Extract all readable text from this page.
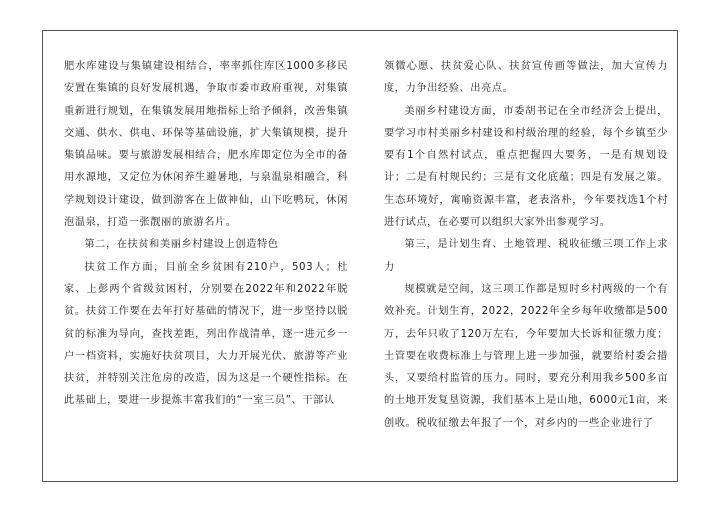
肥水库建设与集镇建设相结合，率率抓住库区1000多移民安置在集镇的良好发展机遇，争取市委市政府重视，对集镇重新进行规划，在集镇发展用地指标上给予倾斜，改善集镇交通、供水、供电、环保等基础设施，扩大集镇规模，提升集镇品味。要与旅游发展相结合，肥水库即定位为全市的备用水源地，又定位为休闲养生避暑地，与泉温泉相融合，科学规划设计建设，做到游客在上做神仙，山下吃鸭玩，休闲泡温泉，打造一张靓丽的旅游名片。

第二，在扶贫和美丽乡村建设上创造特色

扶贫工作方面，目前全乡贫困有210户，503人；杜家、上彭两个省级贫困村，分别要在2022年和2022年脱贫。扶贫工作要在去年打好基础的情况下，进一步坚持以脱贫的标准为导向，查找差距，列出作战清单，逐一进元乡一户一档资料，实施好扶贫项目，大力开展光伏、旅游等产业扶贫，并特别关注危房的改造，因为这是一个硬性指标。在此基础上，要进一步提炼丰富我们的“一室三员”、干部认

领微心愿、扶贫爱心队、扶贫宣传画等做法，加大宣传力度，力争出经验、出亮点。

美丽乡村建设方面，市委胡书记在全市经济会上提出，要学习市村美丽乡村建设和村级治理的经验，每个乡镇至少要有1个自然村试点，重点把握四大要务，一是有规划设计；二是有村规民约；三是有文化底蕴；四是有发展之策。生态环境好，寓喻资源丰富，老表洛朴，今年要找选1个村进行试点，在必要可以组织大家外出参观学习。

第三，是计划生育、土地管理、税收征缴三项工作上求力

规模就是空间，这三项工作都是短时乡村两级的一个有效补充。计划生育，2022，2022年全乡每年收缴都是500万，去年只收了120万左右，今年要加大长诉和征缴力度；土管要在收费标准上与管理上进一步加强，就要给村委会措头，又要给村监管的压力。同时，要充分利用我乡500多亩的土地开发复垦资源，我们基本上是山地，6000元1亩，来创收。税收征缴去年报了一个，对乡内的一些企业进行了
